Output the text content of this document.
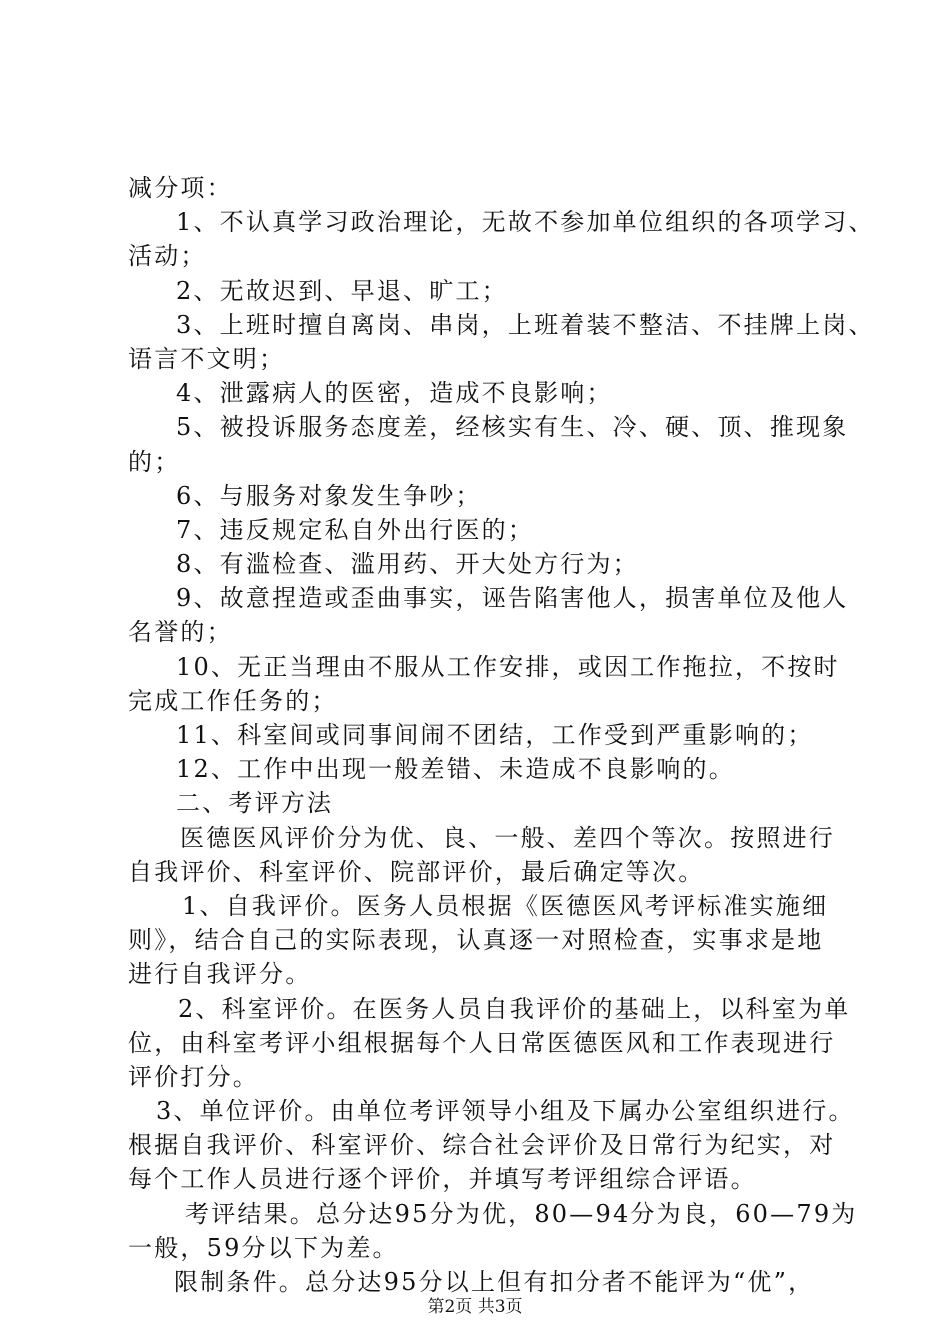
减分项：
1、不认真学习政治理论，无故不参加单位组织的各项学习、
活动；
2、无故迟到、早退、旷工；
3、上班时擅自离岗、串岗，上班着装不整洁、不挂牌上岗、
语言不文明；
4、泄露病人的医密，造成不良影响；
5、被投诉服务态度差，经核实有生、冷、硬、顶、推现象
的；
6、与服务对象发生争吵；
7、违反规定私自外出行医的；
8、有滥检查、滥用药、开大处方行为；
9、故意捏造或歪曲事实，诬告陷害他人，损害单位及他人
名誉的；
10、无正当理由不服从工作安排，或因工作拖拉，不按时
完成工作任务的；
11、科室间或同事间闹不团结，工作受到严重影响的；
12、工作中出现一般差错、未造成不良影响的。
二、考评方法
医德医风评价分为优、良、一般、差四个等次。按照进行
自我评价、科室评价、院部评价，最后确定等次。
1、自我评价。医务人员根据《医德医风考评标准实施细
则》，结合自己的实际表现，认真逐一对照检查，实事求是地
进行自我评分。
2、科室评价。在医务人员自我评价的基础上，以科室为单
位，由科室考评小组根据每个人日常医德医风和工作表现进行
评价打分。
3、单位评价。由单位考评领导小组及下属办公室组织进行。
根据自我评价、科室评价、综合社会评价及日常行为纪实，对
每个工作人员进行逐个评价，并填写考评组综合评语。
考评结果。总分达95分为优，80—94分为良，60—79为
一般，59分以下为差。
限制条件。总分达95分以上但有扣分者不能评为“优”，
第2页 共3页
